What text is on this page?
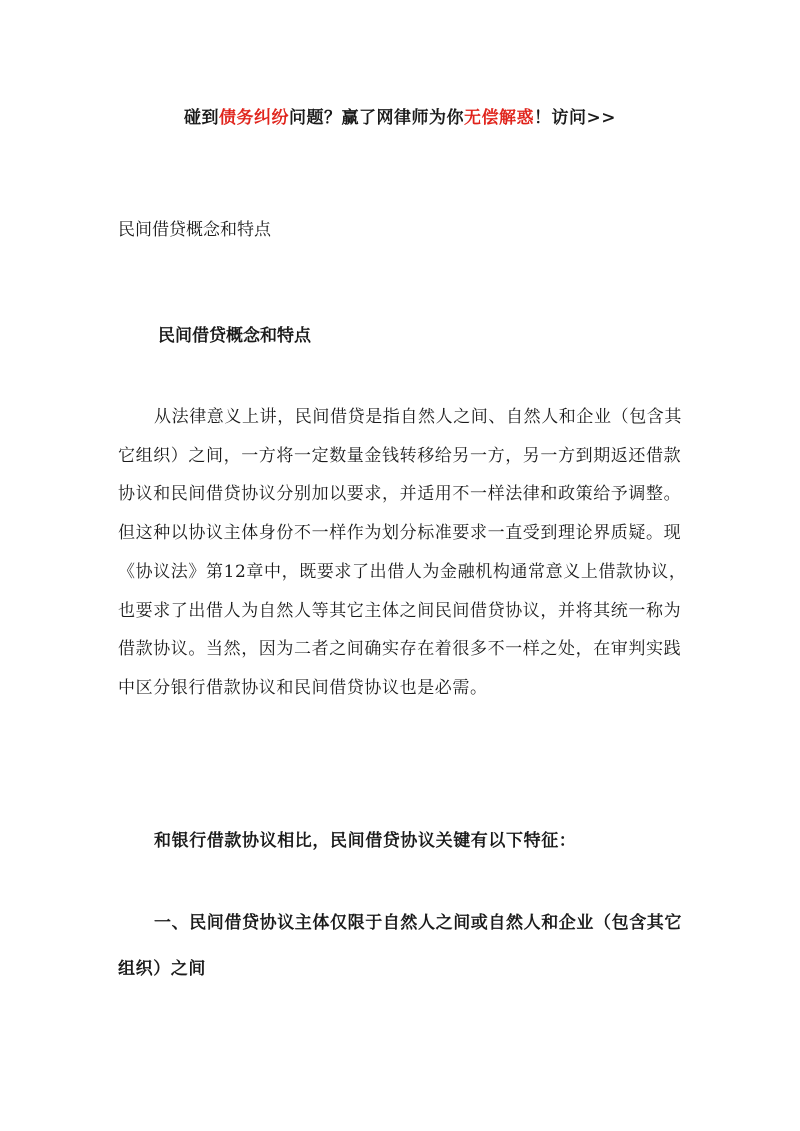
碰到债务纠纷问题？赢了网律师为你无偿解惑！访问>>
民间借贷概念和特点
民间借贷概念和特点

从法律意义上讲，民间借贷是指自然人之间、自然人和企业（包含其它组织）之间，一方将一定数量金钱转移给另一方，另一方到期返还借款协议和民间借贷协议分别加以要求，并适用不一样法律和政策给予调整。但这种以协议主体身份不一样作为划分标准要求一直受到理论界质疑。现《协议法》第12章中，既要求了出借人为金融机构通常意义上借款协议，也要求了出借人为自然人等其它主体之间民间借贷协议，并将其统一称为借款协议。当然，因为二者之间确实存在着很多不一样之处，在审判实践中区分银行借款协议和民间借贷协议也是必需。

和银行借款协议相比，民间借贷协议关键有以下特征：

一、民间借贷协议主体仅限于自然人之间或自然人和企业（包含其它组织）之间
